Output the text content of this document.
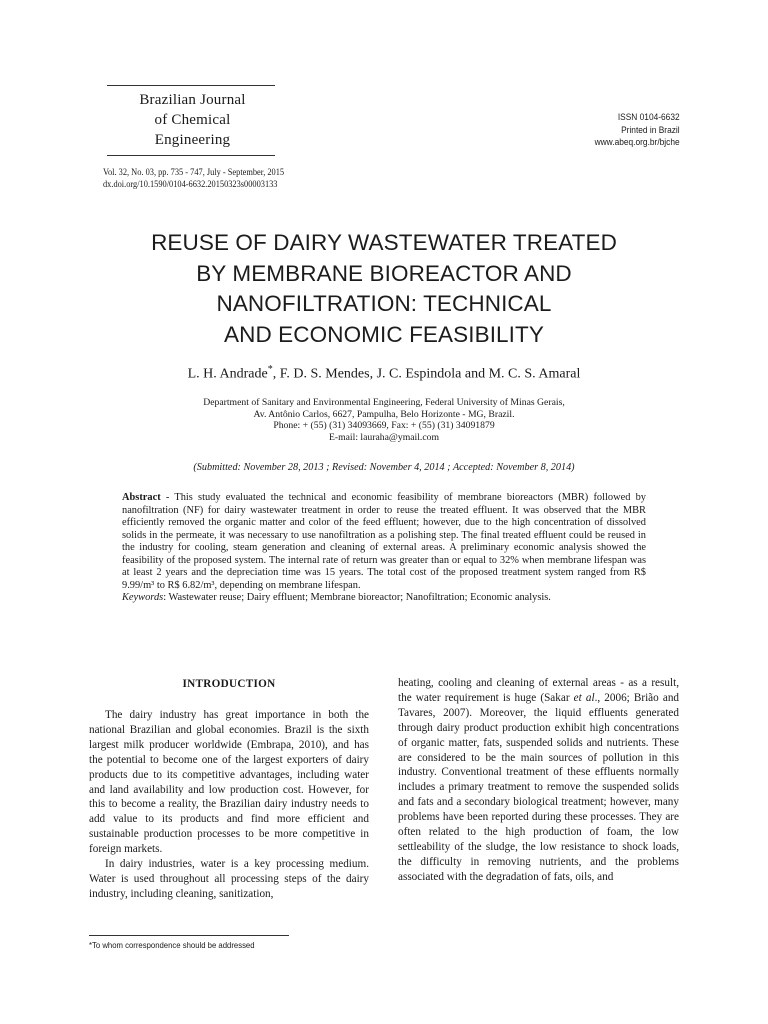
Brazilian Journal
of Chemical
Engineering
ISSN 0104-6632
Printed in Brazil
www.abeq.org.br/bjche
Vol. 32, No. 03, pp. 735 - 747, July - September, 2015
dx.doi.org/10.1590/0104-6632.20150323s00003133
REUSE OF DAIRY WASTEWATER TREATED
BY MEMBRANE BIOREACTOR AND
NANOFILTRATION: TECHNICAL
AND ECONOMIC FEASIBILITY
L. H. Andrade*, F. D. S. Mendes, J. C. Espindola and M. C. S. Amaral
Department of Sanitary and Environmental Engineering, Federal University of Minas Gerais,
Av. Antônio Carlos, 6627, Pampulha, Belo Horizonte - MG, Brazil.
Phone: + (55) (31) 34093669, Fax: + (55) (31) 34091879
E-mail: lauraha@ymail.com
(Submitted: November 28, 2013 ; Revised: November 4, 2014 ; Accepted: November 8, 2014)
Abstract - This study evaluated the technical and economic feasibility of membrane bioreactors (MBR) followed by nanofiltration (NF) for dairy wastewater treatment in order to reuse the treated effluent. It was observed that the MBR efficiently removed the organic matter and color of the feed effluent; however, due to the high concentration of dissolved solids in the permeate, it was necessary to use nanofiltration as a polishing step. The final treated effluent could be reused in the industry for cooling, steam generation and cleaning of external areas. A preliminary economic analysis showed the feasibility of the proposed system. The internal rate of return was greater than or equal to 32% when membrane lifespan was at least 2 years and the depreciation time was 15 years. The total cost of the proposed treatment system ranged from R$ 9.99/m³ to R$ 6.82/m³, depending on membrane lifespan.
Keywords: Wastewater reuse; Dairy effluent; Membrane bioreactor; Nanofiltration; Economic analysis.
INTRODUCTION

The dairy industry has great importance in both the national Brazilian and global economies. Brazil is the sixth largest milk producer worldwide (Embrapa, 2010), and has the potential to become one of the largest exporters of dairy products due to its competitive advantages, including water and land availability and low production cost. However, for this to become a reality, the Brazilian dairy industry needs to add value to its products and find more efficient and sustainable production processes to be more competitive in foreign markets.

In dairy industries, water is a key processing medium. Water is used throughout all processing steps of the dairy industry, including cleaning, sanitization,

heating, cooling and cleaning of external areas - as a result, the water requirement is huge (Sakar et al., 2006; Brião and Tavares, 2007). Moreover, the liquid effluents generated through dairy product production exhibit high concentrations of organic matter, fats, suspended solids and nutrients. These are considered to be the main sources of pollution in this industry. Conventional treatment of these effluents normally includes a primary treatment to remove the suspended solids and fats and a secondary biological treatment; however, many problems have been reported during these processes. They are often related to the high production of foam, the low settleability of the sludge, the low resistance to shock loads, the difficulty in removing nutrients, and the problems associated with the degradation of fats, oils, and

*To whom correspondence should be addressed
